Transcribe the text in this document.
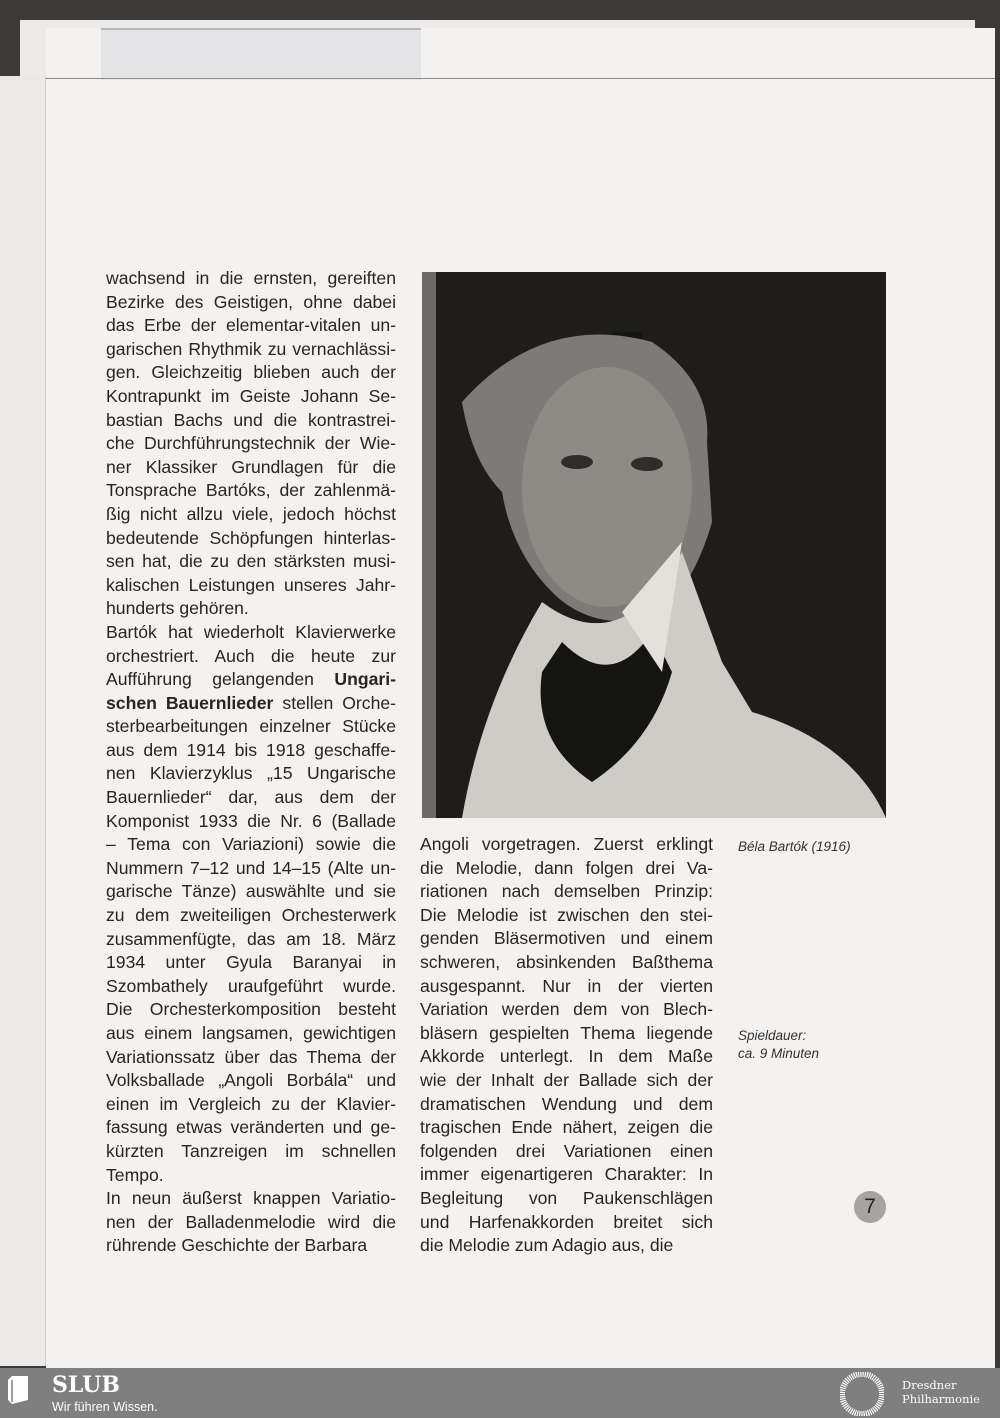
wachsend in die ernsten, gereiften
Bezirke des Geistigen, ohne dabei
das Erbe der elementar-vitalen un-
garischen Rhythmik zu vernachlässi-
gen. Gleichzeitig blieben auch der
Kontrapunkt im Geiste Johann Se-
bastian Bachs und die kontrastrei-
che Durchführungstechnik der Wie-
ner Klassiker Grundlagen für die
Tonsprache Bartóks, der zahlenmä-
ßig nicht allzu viele, jedoch höchst
bedeutende Schöpfungen hinterlas-
sen hat, die zu den stärksten musi-
kalischen Leistungen unseres Jahr-
hunderts gehören.
Bartók hat wiederholt Klavierwerke
orchestriert. Auch die heute zur
Aufführung gelangenden Ungari-
schen Bauernlieder stellen Orche-
sterbearbeitungen einzelner Stücke
aus dem 1914 bis 1918 geschaffe-
nen Klavierzyklus „15 Ungarische
Bauernlieder“ dar, aus dem der
Komponist 1933 die Nr. 6 (Ballade
– Tema con Variazioni) sowie die
Nummern 7–12 und 14–15 (Alte un-
garische Tänze) auswählte und sie
zu dem zweiteiligen Orchesterwerk
zusammenfügte, das am 18. März
1934 unter Gyula Baranyai in
Szombathely uraufgeführt wurde.
Die Orchesterkomposition besteht
aus einem langsamen, gewichtigen
Variationssatz über das Thema der
Volksballade „Angoli Borbála“ und
einen im Vergleich zu der Klavier-
fassung etwas veränderten und ge-
kürzten Tanzreigen im schnellen
Tempo.
In neun äußerst knappen Variatio-
nen der Balladenmelodie wird die
rührende Geschichte der Barbara
Angoli vorgetragen. Zuerst erklingt
die Melodie, dann folgen drei Va-
riationen nach demselben Prinzip:
Die Melodie ist zwischen den stei-
genden Bläsermotiven und einem
schweren, absinkenden Baßthema
ausgespannt. Nur in der vierten
Variation werden dem von Blech-
bläsern gespielten Thema liegende
Akkorde unterlegt. In dem Maße
wie der Inhalt der Ballade sich der
dramatischen Wendung und dem
tragischen Ende nähert, zeigen die
folgenden drei Variationen einen
immer eigenartigeren Charakter: In
Begleitung von Paukenschlägen
und Harfenakkorden breitet sich
die Melodie zum Adagio aus, die
Béla Bartók (1916)
Spieldauer:
ca. 9 Minuten
7
SLUB
Wir führen Wissen.
Dresdner
Philharmonie
